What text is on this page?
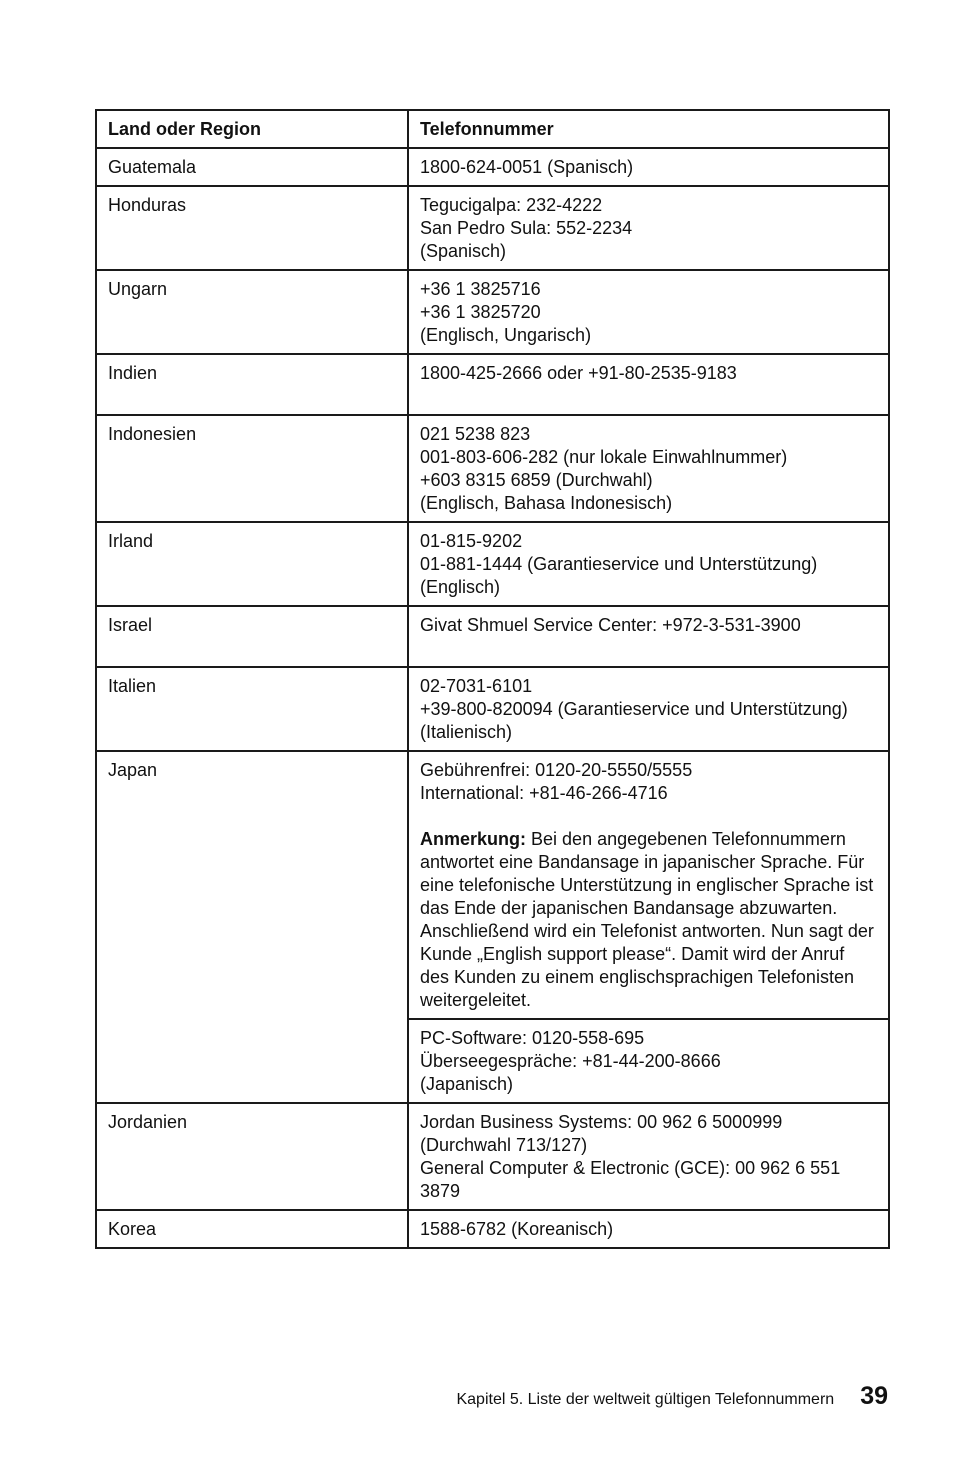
Land oder Region	Telefonnummer
Guatemala	1800-624-0051 (Spanisch)

Honduras	Tegucigalpa: 232-4222
San Pedro Sula: 552-2234
(Spanisch)

Ungarn	+36 1 3825716
+36 1 3825720
(Englisch, Ungarisch)

Indien	1800-425-2666 oder +91-80-2535-9183

Indonesien	021 5238 823
001-803-606-282 (nur lokale Einwahlnummer)
+603 8315 6859 (Durchwahl)
(Englisch, Bahasa Indonesisch)

Irland	01-815-9202
01-881-1444 (Garantieservice und Unterstützung)
(Englisch)

Israel	Givat Shmuel Service Center: +972-3-531-3900

Italien	02-7031-6101
+39-800-820094 (Garantieservice und Unterstützung)
(Italienisch)

Japan	Gebührenfrei: 0120-20-5550/5555
International: +81-46-266-4716
Anmerkung: Bei den angegebenen Telefonnummern antwortet eine Bandansage in japanischer Sprache. Für eine telefonische Unterstützung in englischer Sprache ist das Ende der japanischen Bandansage abzuwarten. Anschließend wird ein Telefonist antworten. Nun sagt der Kunde „English support please“. Damit wird der Anruf des Kunden zu einem englischsprachigen Telefonisten weitergeleitet.

	PC-Software: 0120-558-695
Überseegespräche: +81-44-200-8666
(Japanisch)

Jordanien	Jordan Business Systems: 00 962 6 5000999 (Durchwahl 713/127)
General Computer & Electronic (GCE): 00 962 6 551 3879

Korea	1588-6782 (Koreanisch)
Kapitel 5. Liste der weltweit gültigen Telefonnummern 39
